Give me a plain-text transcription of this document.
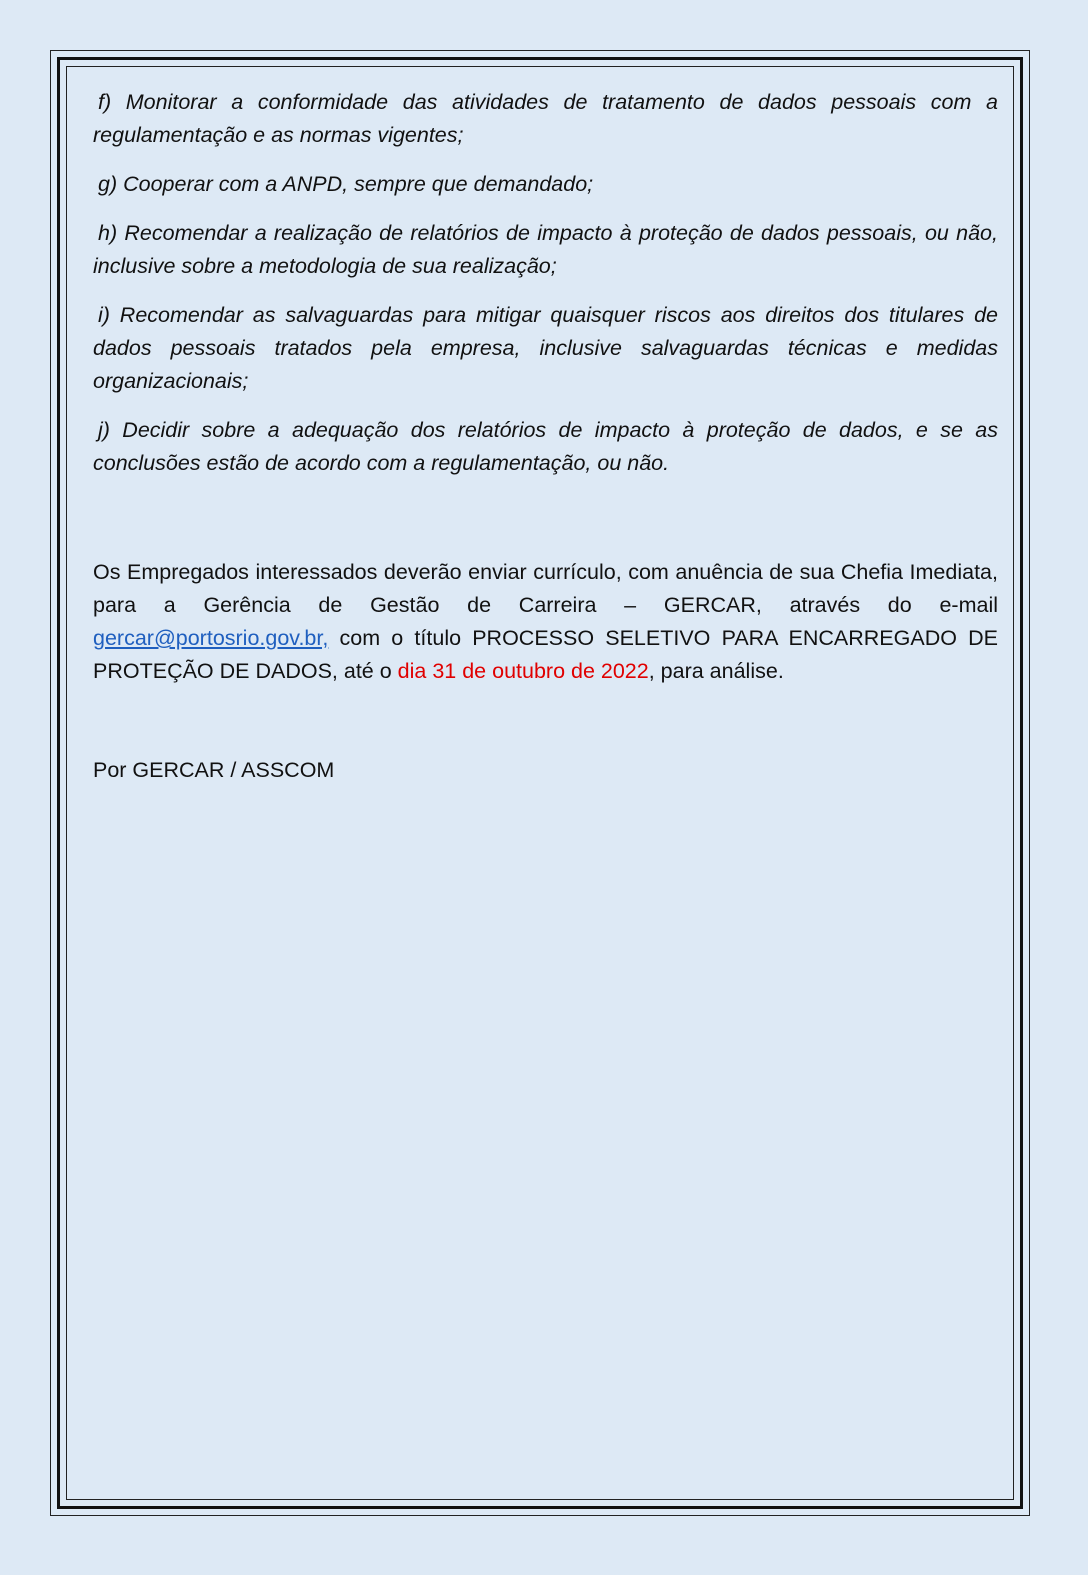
f) Monitorar a conformidade das atividades de tratamento de dados pessoais com a regulamentação e as normas vigentes;

g) Cooperar com a ANPD, sempre que demandado;

h) Recomendar a realização de relatórios de impacto à proteção de dados pessoais, ou não, inclusive sobre a metodologia de sua realização;

i) Recomendar as salvaguardas para mitigar quaisquer riscos aos direitos dos titulares de dados pessoais tratados pela empresa, inclusive salvaguardas técnicas e medidas organizacionais;

j) Decidir sobre a adequação dos relatórios de impacto à proteção de dados, e se as conclusões estão de acordo com a regulamentação, ou não.

Os Empregados interessados deverão enviar currículo, com anuência de sua Chefia Imediata, para a Gerência de Gestão de Carreira – GERCAR, através do e-mail gercar@portosrio.gov.br, com o título PROCESSO SELETIVO PARA ENCARREGADO DE PROTEÇÃO DE DADOS, até o dia 31 de outubro de 2022, para análise.

Por GERCAR / ASSCOM
